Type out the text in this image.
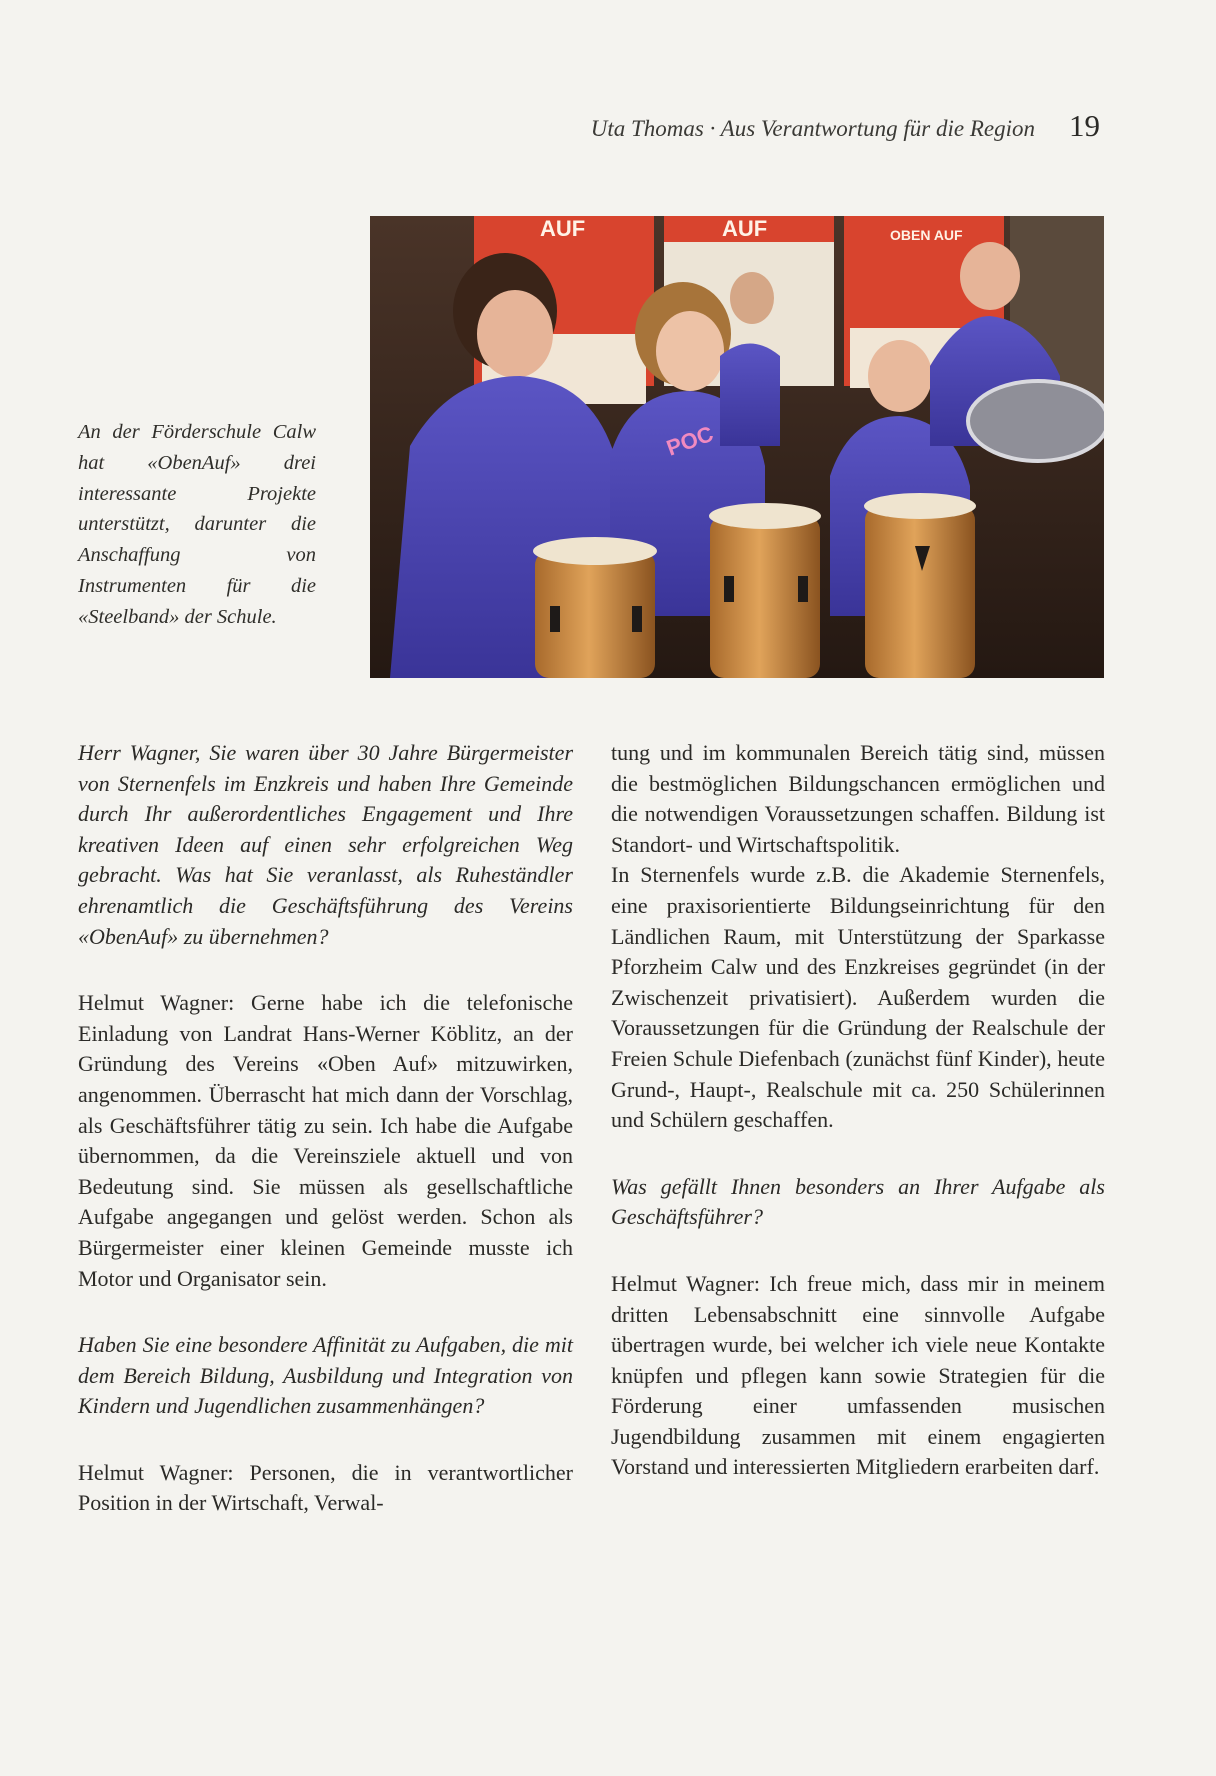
Uta Thomas · Aus Verantwortung für die Region 19
AUF	AUF	OBEN AUF
POC

An der Förderschule Calw hat «ObenAuf» drei interessante Projekte unterstützt, darunter die Anschaffung von Instrumenten für die «Steelband» der Schule.

Herr Wagner, Sie waren über 30 Jahre Bürgermeister von Sternenfels im Enzkreis und haben Ihre Gemeinde durch Ihr außerordentliches Engagement und Ihre kreativen Ideen auf einen sehr erfolgreichen Weg gebracht. Was hat Sie veranlasst, als Ruheständler ehrenamtlich die Geschäftsführung des Vereins «ObenAuf» zu übernehmen?

Helmut Wagner: Gerne habe ich die telefonische Einladung von Landrat Hans-Werner Köblitz, an der Gründung des Vereins «Oben Auf» mitzuwirken, angenommen. Überrascht hat mich dann der Vorschlag, als Geschäftsführer tätig zu sein. Ich habe die Aufgabe übernommen, da die Vereinsziele aktuell und von Bedeutung sind. Sie müssen als gesellschaftliche Aufgabe angegangen und gelöst werden. Schon als Bürgermeister einer kleinen Gemeinde musste ich Motor und Organisator sein.

Haben Sie eine besondere Affinität zu Aufgaben, die mit dem Bereich Bildung, Ausbildung und Integration von Kindern und Jugendlichen zusammenhängen?

Helmut Wagner: Personen, die in verantwortlicher Position in der Wirtschaft, Verwal-

tung und im kommunalen Bereich tätig sind, müssen die bestmöglichen Bildungschancen ermöglichen und die notwendigen Voraussetzungen schaffen. Bildung ist Standort- und Wirtschaftspolitik.

In Sternenfels wurde z.B. die Akademie Sternenfels, eine praxisorientierte Bildungseinrichtung für den Ländlichen Raum, mit Unterstützung der Sparkasse Pforzheim Calw und des Enzkreises gegründet (in der Zwischenzeit privatisiert). Außerdem wurden die Voraussetzungen für die Gründung der Realschule der Freien Schule Diefenbach (zunächst fünf Kinder), heute Grund-, Haupt-, Realschule mit ca. 250 Schülerinnen und Schülern geschaffen.

Was gefällt Ihnen besonders an Ihrer Aufgabe als Geschäftsführer?

Helmut Wagner: Ich freue mich, dass mir in meinem dritten Lebensabschnitt eine sinnvolle Aufgabe übertragen wurde, bei welcher ich viele neue Kontakte knüpfen und pflegen kann sowie Strategien für die Förderung einer umfassenden musischen Jugendbildung zusammen mit einem engagierten Vorstand und interessierten Mitgliedern erarbeiten darf.
